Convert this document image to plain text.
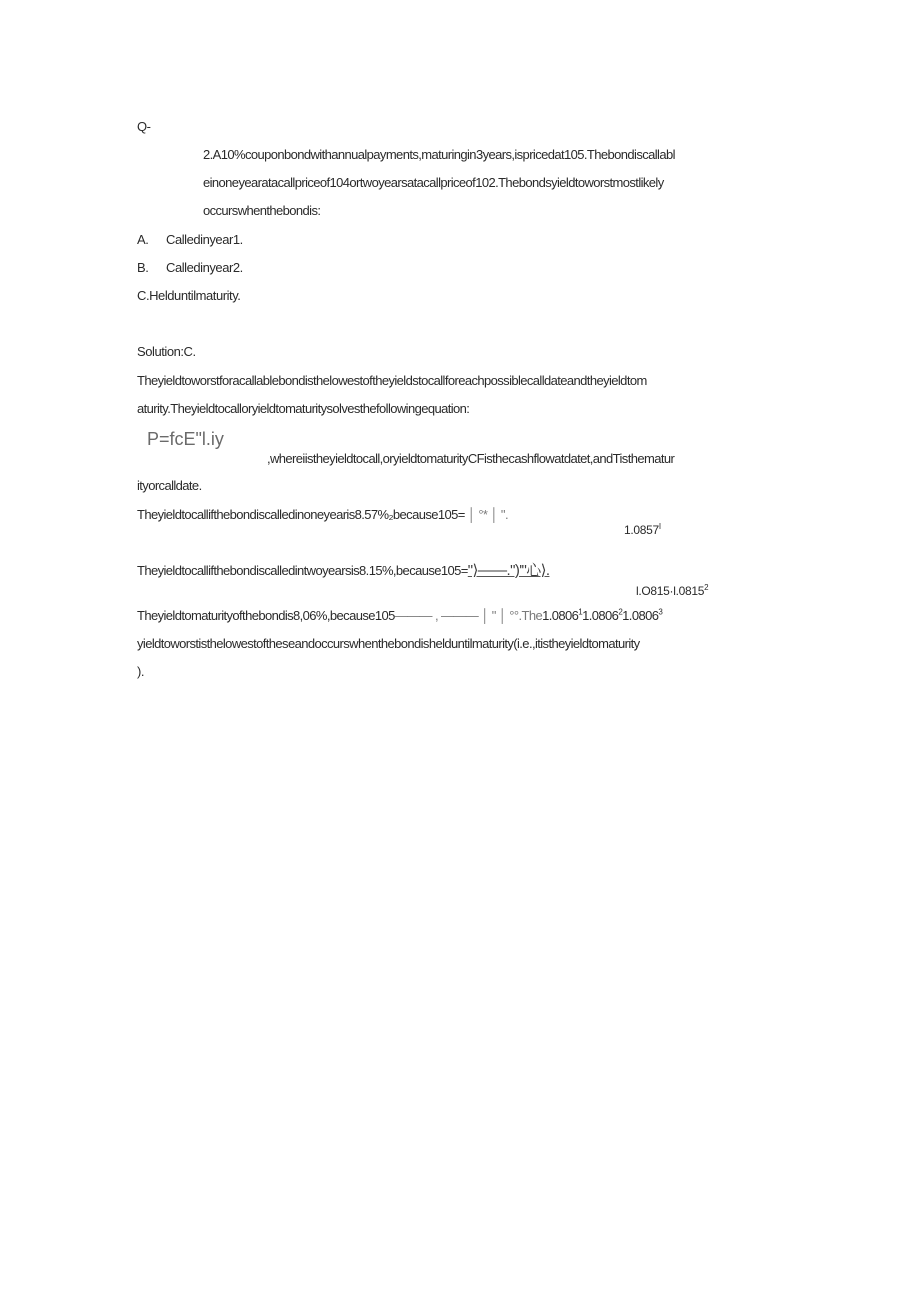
Q-
2.A10%couponbondwithannualpayments,maturingin3years,ispricedat105.Thebondiscallabl
einoneyearatacallpriceof104ortwoyearsatacallpriceof102.Thebondsyieldtoworstmostlikely
occurswhenthebondis:
A. Calledinyear1.
B. Calledinyear2.
C.Helduntilmaturity.
Solution:C.
Theyieldtoworstforacallablebondisthelowestoftheyieldstocallforeachpossiblecalldateandtheyieldtom
aturity.Theyieldtocalloryieldtomaturitysolvesthefollowingequation:
P=fcE"l.iy
,whereiistheyieldtocall,oryieldtomaturityCFisthecashflowatdatet,andTisthematur
ityorcalldate.
Theyieldtocallifthebondiscalledinoneyearis8.57%₂because105= │ °* │ ".
$1.0857^I$
Theyieldtocallifthebondiscalledintwoyearsis8.15%,because105="⟩——.")'"心⟩.
$l.O815\cdot l.0815^2$
Theyieldtomaturityofthebondis8,06%,because105——— , ——— │ " │ °°.The1.0806$^1$1.0806$^2$1.0806$^3$
yieldtoworstisthelowestoftheseandoccurswhenthebondishelduntilmaturity(i.e.,itistheyieldtomaturity
).
